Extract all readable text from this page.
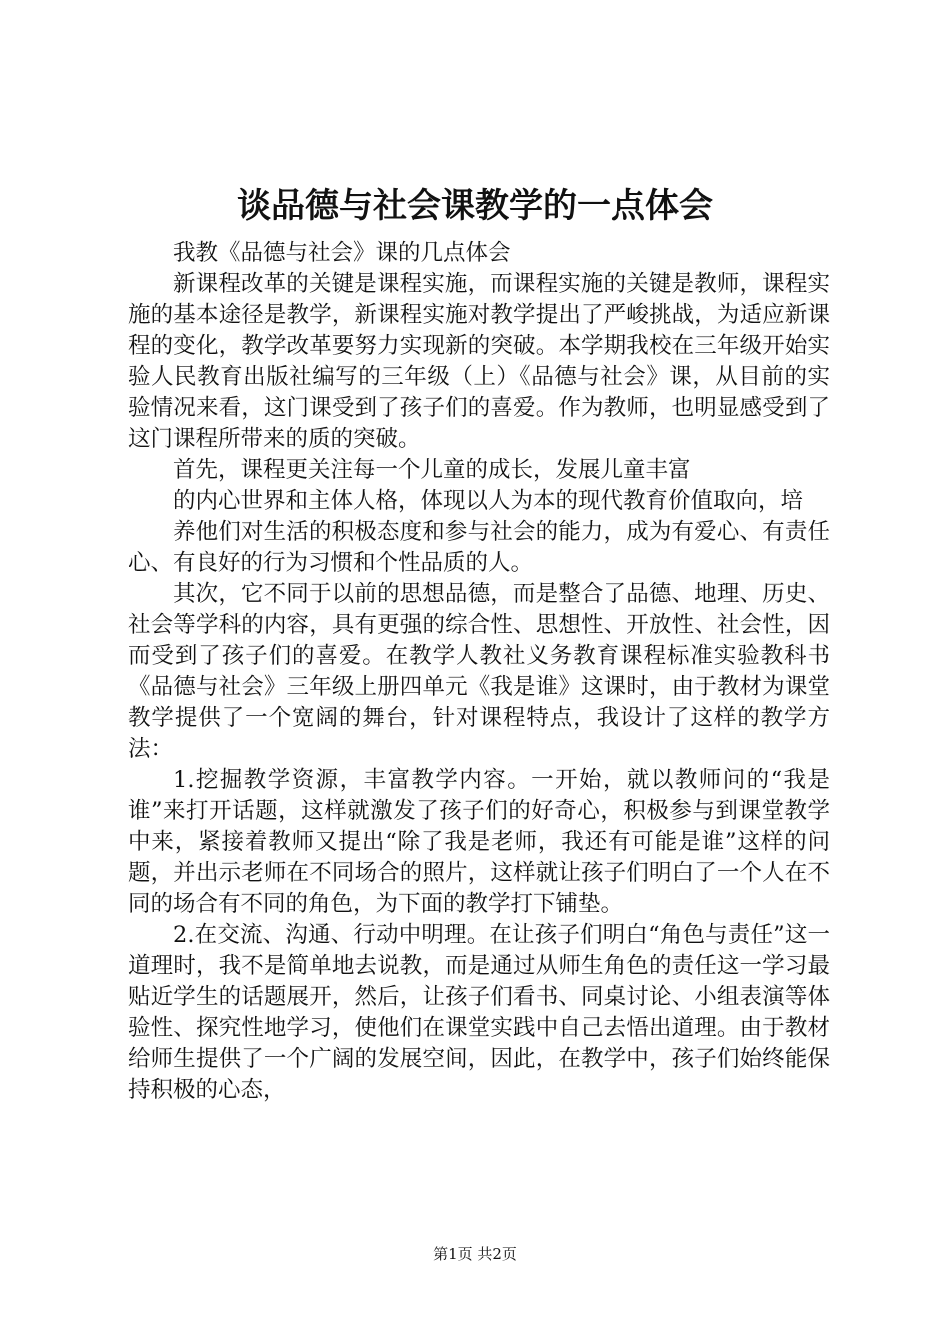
谈品德与社会课教学的一点体会

我教《品德与社会》课的几点体会

新课程改革的关键是课程实施，而课程实施的关键是教师，课程实施的基本途径是教学，新课程实施对教学提出了严峻挑战，为适应新课程的变化，教学改革要努力实现新的突破。本学期我校在三年级开始实验人民教育出版社编写的三年级（上）《品德与社会》课，从目前的实验情况来看，这门课受到了孩子们的喜爱。作为教师，也明显感受到了这门课程所带来的质的突破。

首先，课程更关注每一个儿童的成长，发展儿童丰富

的内心世界和主体人格，体现以人为本的现代教育价值取向，培

养他们对生活的积极态度和参与社会的能力，成为有爱心、有责任心、有良好的行为习惯和个性品质的人。

其次，它不同于以前的思想品德，而是整合了品德、地理、历史、社会等学科的内容，具有更强的综合性、思想性、开放性、社会性，因而受到了孩子们的喜爱。在教学人教社义务教育课程标准实验教科书《品德与社会》三年级上册四单元《我是谁》这课时，由于教材为课堂教学提供了一个宽阔的舞台，针对课程特点，我设计了这样的教学方法：

1.挖掘教学资源，丰富教学内容。一开始，就以教师问的“我是谁”来打开话题，这样就激发了孩子们的好奇心，积极参与到课堂教学中来，紧接着教师又提出“除了我是老师，我还有可能是谁”这样的问题，并出示老师在不同场合的照片，这样就让孩子们明白了一个人在不同的场合有不同的角色，为下面的教学打下铺垫。

2.在交流、沟通、行动中明理。在让孩子们明白“角色与责任”这一道理时，我不是简单地去说教，而是通过从师生角色的责任这一学习最贴近学生的话题展开，然后，让孩子们看书、同桌讨论、小组表演等体验性、探究性地学习，使他们在课堂实践中自己去悟出道理。由于教材给师生提供了一个广阔的发展空间，因此，在教学中，孩子们始终能保持积极的心态，

第1页 共2页
